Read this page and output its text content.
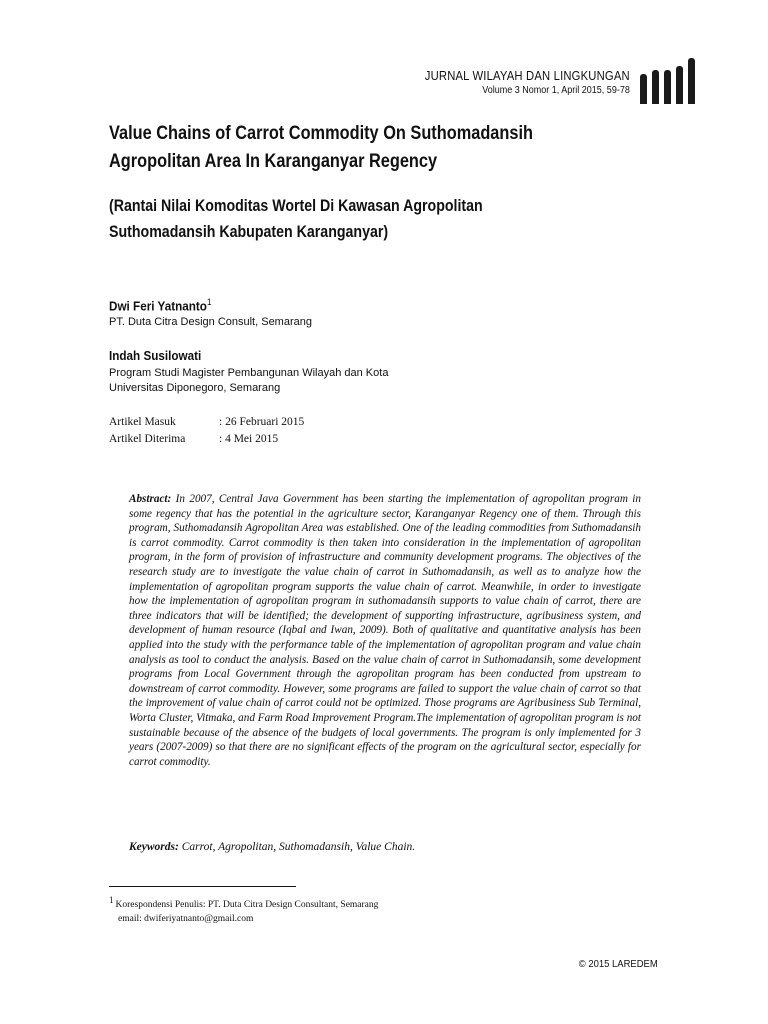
JURNAL WILAYAH DAN LINGKUNGAN
Volume 3 Nomor 1, April 2015, 59-78
Value Chains of Carrot Commodity On Suthomadansih
Agropolitan Area In Karanganyar Regency
(Rantai Nilai Komoditas Wortel Di Kawasan Agropolitan
Suthomadansih Kabupaten Karanganyar)
Dwi Feri Yatnanto$^1$
PT. Duta Citra Design Consult, Semarang
Indah Susilowati
Program Studi Magister Pembangunan Wilayah dan Kota
Universitas Diponegoro, Semarang
Artikel Masuk	: 26 Februari 2015
Artikel Diterima	: 4 Mei 2015
Abstract: In 2007, Central Java Government has been starting the implementation of agropolitan program in some regency that has the potential in the agriculture sector, Karanganyar Regency one of them. Through this program, Suthomadansih Agropolitan Area was established. One of the leading commodities from Suthomadansih is carrot commodity. Carrot commodity is then taken into consideration in the implementation of agropolitan program, in the form of provision of infrastructure and community development programs. The objectives of the research study are to investigate the value chain of carrot in Suthomadansih, as well as to analyze how the implementation of agropolitan program supports the value chain of carrot. Meanwhile, in order to investigate how the implementation of agropolitan program in suthomadansih supports to value chain of carrot, there are three indicators that will be identified; the development of supporting infrastructure, agribusiness system, and development of human resource (Iqbal and Iwan, 2009). Both of qualitative and quantitative analysis has been applied into the study with the performance table of the implementation of agropolitan program and value chain analysis as tool to conduct the analysis. Based on the value chain of carrot in Suthomadansih, some development programs from Local Government through the agropolitan program has been conducted from upstream to downstream of carrot commodity. However, some programs are failed to support the value chain of carrot so that the improvement of value chain of carrot could not be optimized. Those programs are Agribusiness Sub Terminal, Worta Cluster, Vitmaka, and Farm Road Improvement Program.The implementation of agropolitan program is not sustainable because of the absence of the budgets of local governments. The program is only implemented for 3 years (2007-2009) so that there are no significant effects of the program on the agricultural sector, especially for carrot commodity.
Keywords: Carrot, Agropolitan, Suthomadansih, Value Chain.
$^1$Korespondensi Penulis: PT. Duta Citra Design Consultant, Semarang
email: dwiferiyatnanto@gmail.com
© 2015 LAREDEM
